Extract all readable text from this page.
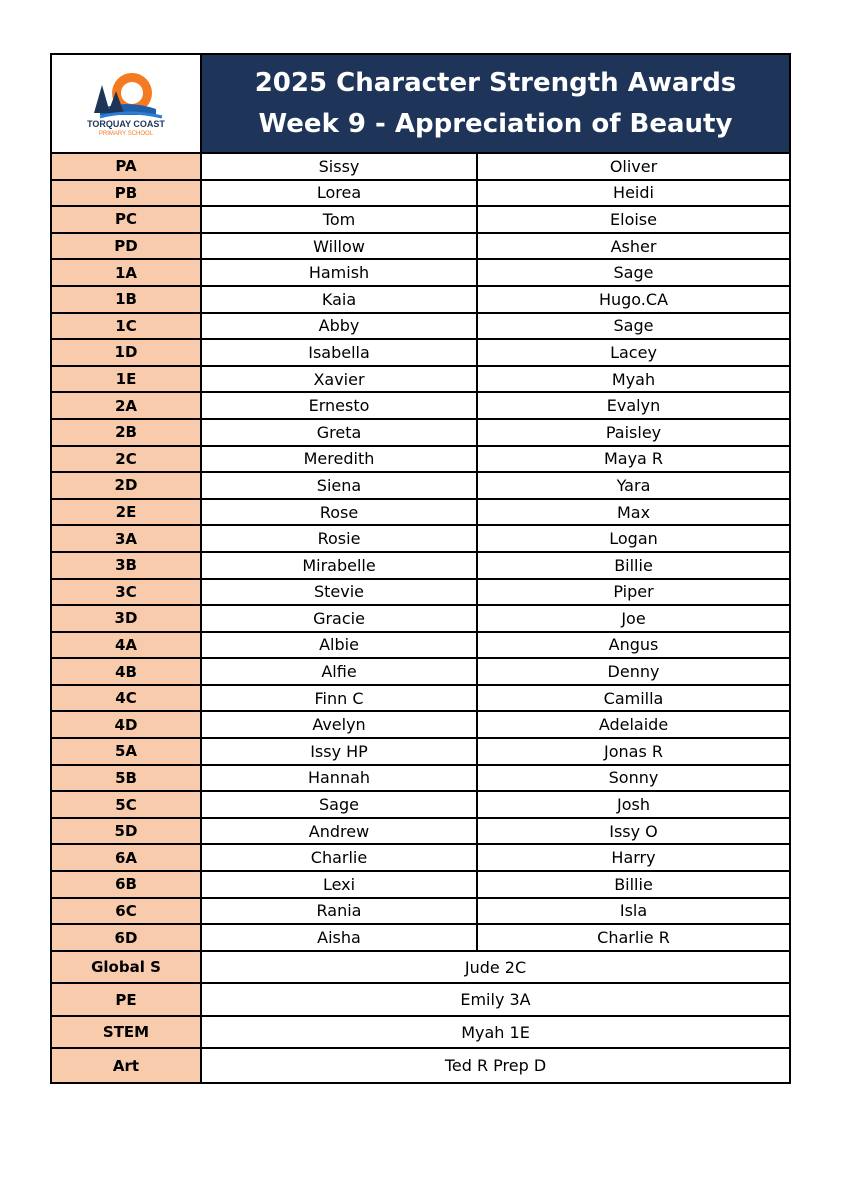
TORQUAY COAST
PRIMARY SCHOOL
2025 Character Strength Awards
Week 9 - Appreciation of Beauty
PA	Sissy	Oliver
PB	Lorea	Heidi
PC	Tom	Eloise
PD	Willow	Asher
1A	Hamish	Sage
1B	Kaia	Hugo.CA
1C	Abby	Sage
1D	Isabella	Lacey
1E	Xavier	Myah
2A	Ernesto	Evalyn
2B	Greta	Paisley
2C	Meredith	Maya R
2D	Siena	Yara
2E	Rose	Max
3A	Rosie	Logan
3B	Mirabelle	Billie
3C	Stevie	Piper
3D	Gracie	Joe
4A	Albie	Angus
4B	Alfie	Denny
4C	Finn C	Camilla
4D	Avelyn	Adelaide
5A	Issy HP	Jonas R
5B	Hannah	Sonny
5C	Sage	Josh
5D	Andrew	Issy O
6A	Charlie	Harry
6B	Lexi	Billie
6C	Rania	Isla
6D	Aisha	Charlie R
Global S	Jude 2C
PE	Emily 3A
STEM	Myah 1E
Art	Ted R Prep D
